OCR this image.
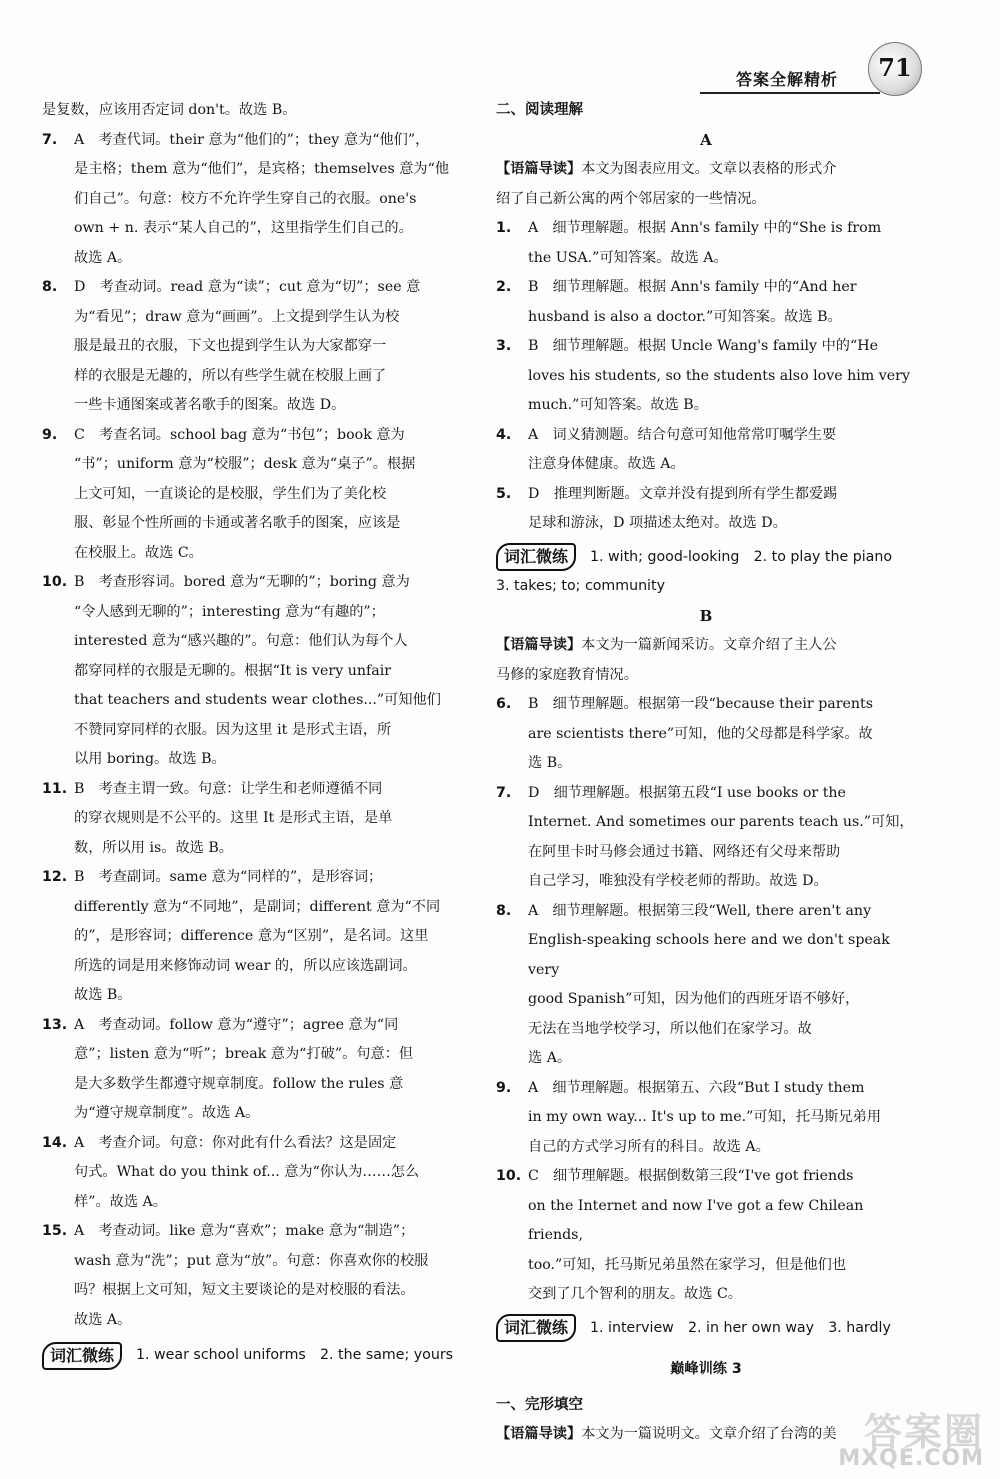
答案全解精析	71
是复数，应该用否定词 don't。故选 B。
7. A　考查代词。their 意为“他们的”；they 意为“他们”，
是主格；them 意为“他们”，是宾格；themselves 意为“他
们自己”。句意：校方不允许学生穿自己的衣服。one's
own + n. 表示“某人自己的”，这里指学生们自己的。
故选 A。
8. D　考查动词。read 意为“读”；cut 意为“切”；see 意
为“看见”；draw 意为“画画”。上文提到学生认为校
服是最丑的衣服，下文也提到学生认为大家都穿一
样的衣服是无趣的，所以有些学生就在校服上画了
一些卡通图案或著名歌手的图案。故选 D。
9. C　考查名词。school bag 意为“书包”；book 意为
“书”；uniform 意为“校服”；desk 意为“桌子”。根据
上文可知，一直谈论的是校服，学生们为了美化校
服、彰显个性所画的卡通或著名歌手的图案，应该是
在校服上。故选 C。
10. B　考查形容词。bored 意为“无聊的”；boring 意为
“令人感到无聊的”；interesting 意为“有趣的”；
interested 意为“感兴趣的”。句意：他们认为每个人
都穿同样的衣服是无聊的。根据“It is very unfair
that teachers and students wear clothes...”可知他们
不赞同穿同样的衣服。因为这里 it 是形式主语，所
以用 boring。故选 B。
11. B　考查主谓一致。句意：让学生和老师遵循不同
的穿衣规则是不公平的。这里 It 是形式主语，是单
数，所以用 is。故选 B。
12. B　考查副词。same 意为“同样的”，是形容词；
differently 意为“不同地”，是副词；different 意为“不同
的”，是形容词；difference 意为“区别”，是名词。这里
所选的词是用来修饰动词 wear 的，所以应该选副词。
故选 B。
13. A　考查动词。follow 意为“遵守”；agree 意为“同
意”；listen 意为“听”；break 意为“打破”。句意：但
是大多数学生都遵守规章制度。follow the rules 意
为“遵守规章制度”。故选 A。
14. A　考查介词。句意：你对此有什么看法？这是固定
句式。What do you think of... 意为“你认为……怎么
样”。故选 A。
15. A　考查动词。like 意为“喜欢”；make 意为“制造”；
wash 意为“洗”；put 意为“放”。句意：你喜欢你的校服
吗？根据上文可知，短文主要谈论的是对校服的看法。
故选 A。
词汇微练	1. wear school uniforms　2. the same; yours
二、阅读理解
A
【语篇导读】本文为图表应用文。文章以表格的形式介
绍了自己新公寓的两个邻居家的一些情况。
1. A　细节理解题。根据 Ann's family 中的“She is from
the USA.”可知答案。故选 A。
2. B　细节理解题。根据 Ann's family 中的“And her
husband is also a doctor.”可知答案。故选 B。
3. B　细节理解题。根据 Uncle Wang's family 中的“He
loves his students, so the students also love him very
much.”可知答案。故选 B。
4. A　词义猜测题。结合句意可知他常常叮嘱学生要
注意身体健康。故选 A。
5. D　推理判断题。文章并没有提到所有学生都爱踢
足球和游泳，D 项描述太绝对。故选 D。
词汇微练	1. with; good-looking　2. to play the piano
3. takes; to; community
B
【语篇导读】本文为一篇新闻采访。文章介绍了主人公
马修的家庭教育情况。
6. B　细节理解题。根据第一段“because their parents
are scientists there”可知，他的父母都是科学家。故
选 B。
7. D　细节理解题。根据第五段“I use books or the
Internet. And sometimes our parents teach us.”可知，
在阿里卡时马修会通过书籍、网络还有父母来帮助
自己学习，唯独没有学校老师的帮助。故选 D。
8. A　细节理解题。根据第三段“Well, there aren't any
English-speaking schools here and we don't speak very
good Spanish”可知，因为他们的西班牙语不够好，
无法在当地学校学习，所以他们在家学习。故
选 A。
9. A　细节理解题。根据第五、六段“But I study them
in my own way... It's up to me.”可知，托马斯兄弟用
自己的方式学习所有的科目。故选 A。
10. C　细节理解题。根据倒数第三段“I've got friends
on the Internet and now I've got a few Chilean friends,
too.”可知，托马斯兄弟虽然在家学习，但是他们也
交到了几个智利的朋友。故选 C。
词汇微练	1. interview　2. in her own way　3. hardly
巅峰训练 3
一、完形填空
【语篇导读】本文为一篇说明文。文章介绍了台湾的美 答案圈
MXQE.COM
